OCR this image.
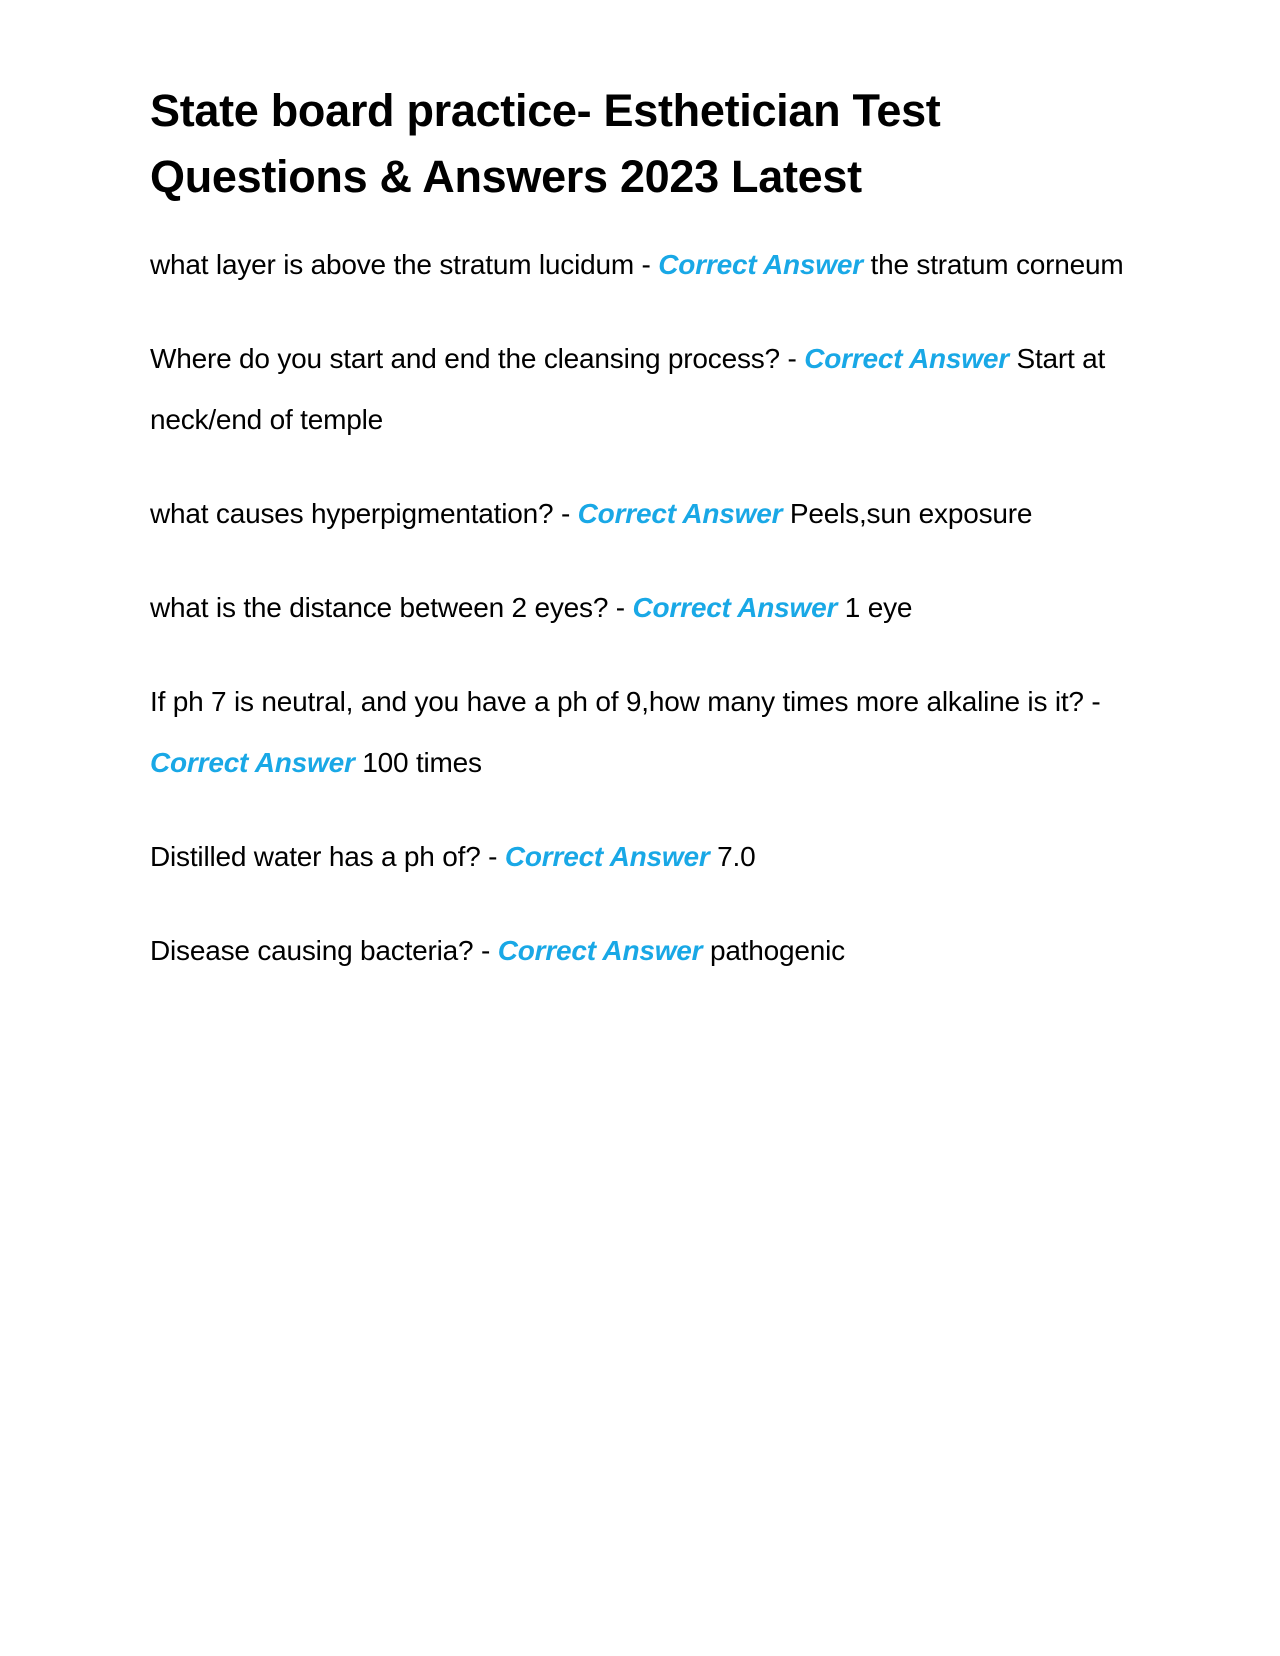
State board practice- Esthetician Test Questions & Answers 2023 Latest

what layer is above the stratum lucidum - Correct Answer the stratum corneum

Where do you start and end the cleansing process? - Correct Answer Start at neck/end of temple

what causes hyperpigmentation? - Correct Answer Peels,sun exposure

what is the distance between 2 eyes? - Correct Answer 1 eye

If ph 7 is neutral, and you have a ph of 9,how many times more alkaline is it? - Correct Answer 100 times

Distilled water has a ph of? - Correct Answer 7.0

Disease causing bacteria? - Correct Answer pathogenic
